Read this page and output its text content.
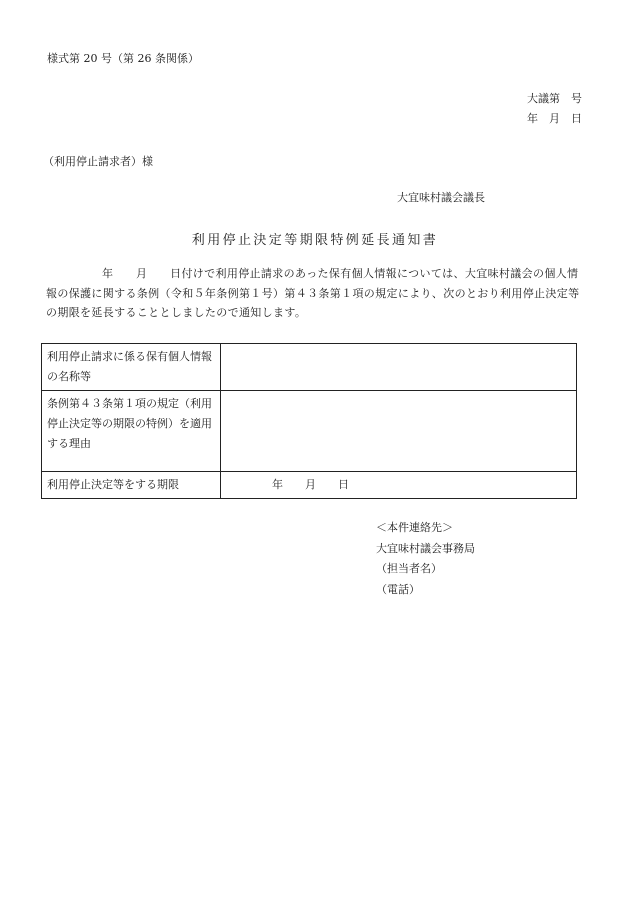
様式第 20 号（第 26 条関係）
大議第　号
年　月　日
（利用停止請求者）様
大宜味村議会議長
利用停止決定等期限特例延長通知書
年　　月　　日付けで利用停止請求のあった保有個人情報については、大宜味村議会の個人情報の保護に関する条例（令和５年条例第１号）第４３条第１項の規定により、次のとおり利用停止決定等の期限を延長することとしましたので通知します。
利用停止請求に係る保有個人情報の名称等	
条例第４３条第１項の規定（利用停止決定等の期限の特例）を適用する理由	
利用停止決定等をする期限	年　　月　　日
＜本件連絡先＞
大宜味村議会事務局
（担当者名）
（電話）
